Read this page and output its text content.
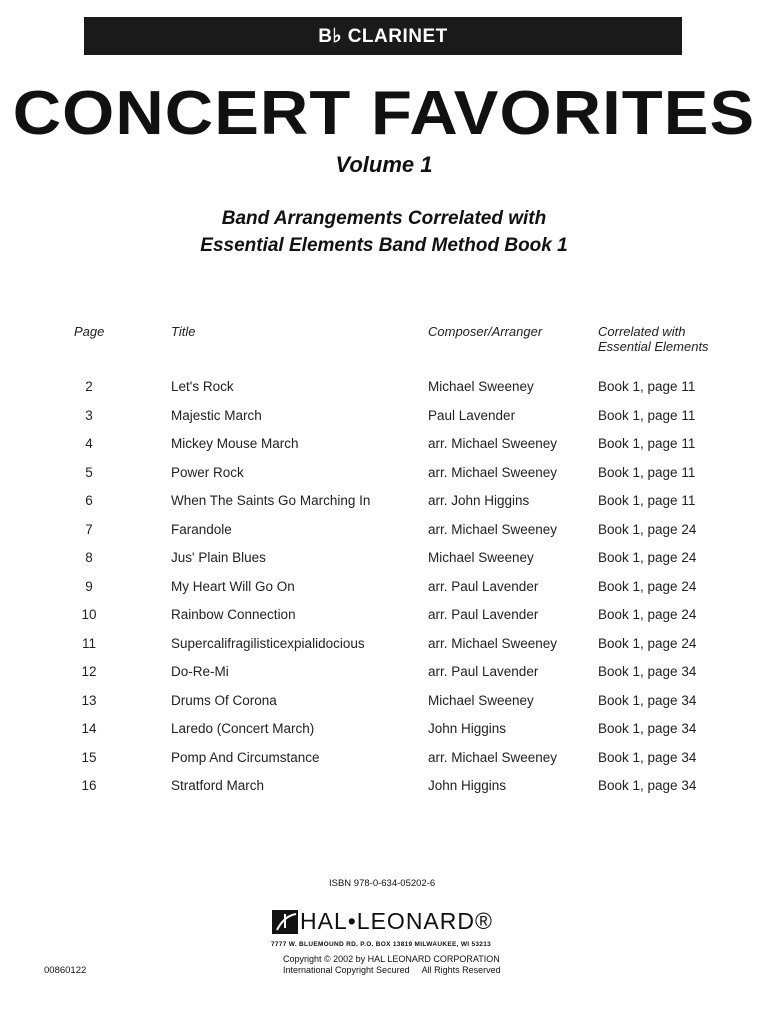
B♭ CLARINET
CONCERT FAVORITES
Volume 1
Band Arrangements Correlated with
Essential Elements Band Method Book 1
Page	Title	Composer/Arranger	Correlated with
Essential Elements
2	Let's Rock	Michael Sweeney	Book 1, page 11
3	Majestic March	Paul Lavender	Book 1, page 11
4	Mickey Mouse March	arr. Michael Sweeney	Book 1, page 11
5	Power Rock	arr. Michael Sweeney	Book 1, page 11
6	When The Saints Go Marching In	arr. John Higgins	Book 1, page 11
7	Farandole	arr. Michael Sweeney	Book 1, page 24
8	Jus' Plain Blues	Michael Sweeney	Book 1, page 24
9	My Heart Will Go On	arr. Paul Lavender	Book 1, page 24
10	Rainbow Connection	arr. Paul Lavender	Book 1, page 24
11	Supercalifragilisticexpialidocious	arr. Michael Sweeney	Book 1, page 24
12	Do-Re-Mi	arr. Paul Lavender	Book 1, page 34
13	Drums Of Corona	Michael Sweeney	Book 1, page 34
14	Laredo (Concert March)	John Higgins	Book 1, page 34
15	Pomp And Circumstance	arr. Michael Sweeney	Book 1, page 34
16	Stratford March	John Higgins	Book 1, page 34
ISBN 978-0-634-05202-6
HAL•LEONARD®
7777 W. BLUEMOUND RD. P.O. BOX 13819 MILWAUKEE, WI 53213
Copyright © 2002 by HAL LEONARD CORPORATION
International Copyright Secured     All Rights Reserved
00860122
